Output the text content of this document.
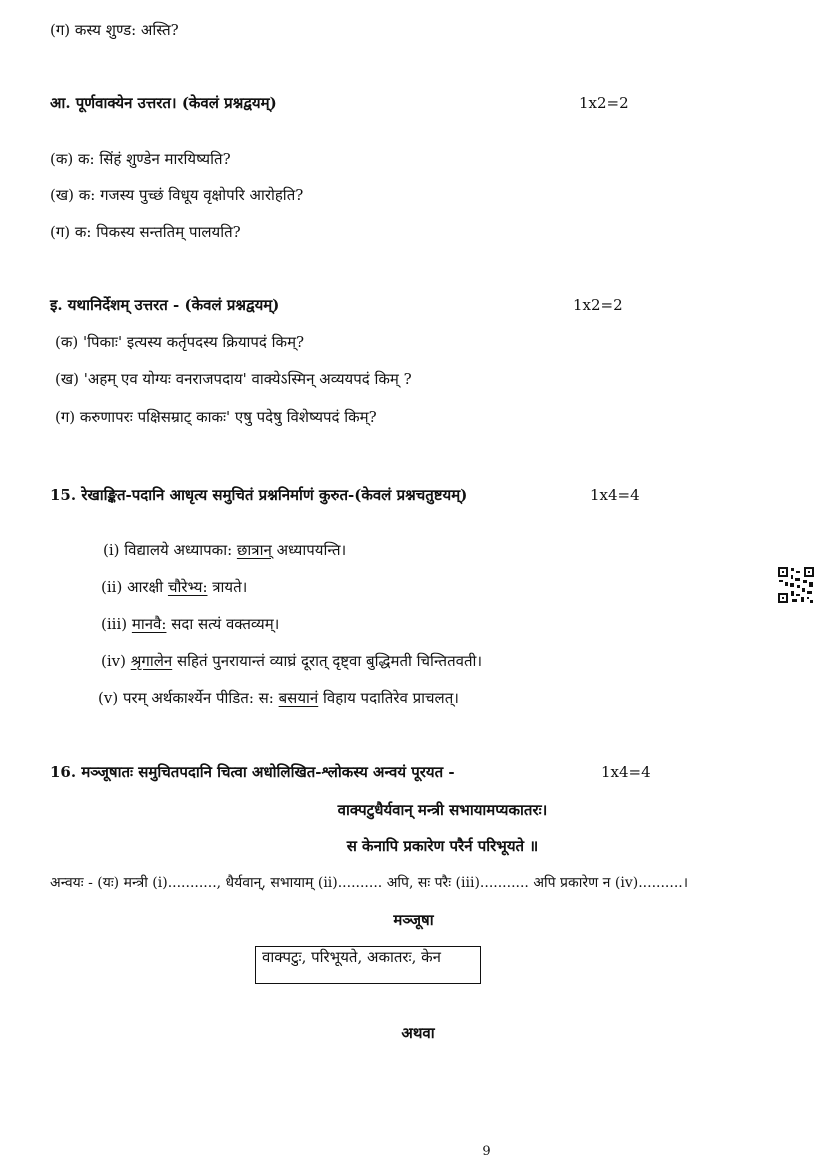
(ग) कस्य शुण्ड: अस्ति?
आ. पूर्णवाक्येन उत्तरत। (केवलं प्रश्नद्वयम्)	1x2=2
(क) क: सिंहं शुण्डेन मारयिष्यति?
(ख) क: गजस्य पुच्छं विधूय वृक्षोपरि आरोहति?
(ग) क: पिकस्य सन्ततिम् पालयति?
इ. यथानिर्देशम् उत्तरत - (केवलं प्रश्नद्वयम्)	1x2=2
(क) 'पिकाः' इत्यस्य कर्तृपदस्य क्रियापदं किम्?
(ख) 'अहम् एव योग्यः वनराजपदाय' वाक्येऽस्मिन् अव्ययपदं किम् ?
(ग) करुणापरः पक्षिसम्राट् काकः' एषु पदेषु विशेष्यपदं किम्?
15. रेखाङ्कित-पदानि आधृत्य समुचितं प्रश्ननिर्माणं कुरुत-(केवलं प्रश्नचतुष्टयम्)	1x4=4
(i) विद्यालये अध्यापका: छात्रान् अध्यापयन्ति।
(ii) आरक्षी चौरेभ्य: त्रायते।
(iii) मानवै: सदा सत्यं वक्तव्यम्।
(iv) श्रृगालेन सहितं पुनरायान्तं व्याघ्रं दूरात् दृष्ट्वा बुद्धिमती चिन्तितवती।
(v) परम् अर्थकार्श्येन पीडित: स: बसयानं विहाय पदातिरेव प्राचलत्।
16. मञ्जूषातः समुचितपदानि चित्वा अधोलिखित-श्लोकस्य अन्वयं पूरयत -	1x4=4
वाक्पटुधैर्यवान् मन्त्री सभायामप्यकातरः।
स केनापि प्रकारेण परैर्न परिभूयते ॥
अन्वयः - (यः) मन्त्री (i)..........., धैर्यवान्, सभायाम् (ii).......... अपि, सः परैः (iii)........... अपि प्रकारेण न (iv)..........।
मञ्जूषा
वाक्पटुः, परिभूयते, अकातरः, केन
अथवा
9
